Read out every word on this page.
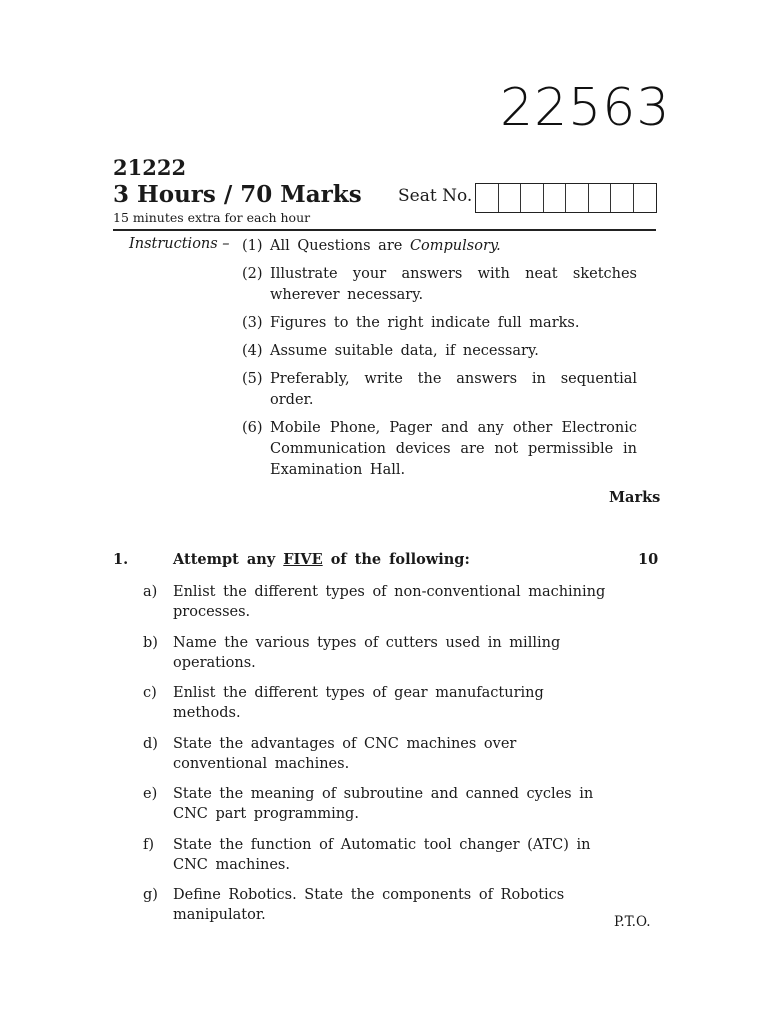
22563
21222
3 Hours / 70 Marks
15 minutes extra for each hour
Seat No.
Instructions – (1) All Questions are Compulsory.
(2) Illustrate your answers with neat sketches wherever necessary.
(3) Figures to the right indicate full marks.
(4) Assume suitable data, if necessary.
(5) Preferably, write the answers in sequential order.
(6) Mobile Phone, Pager and any other Electronic Communication devices are not permissible in Examination Hall.
Marks
1.	Attempt any FIVE of the following:	10
a)	Enlist the different types of non-conventional machining processes.
b)	Name the various types of cutters used in milling operations.
c)	Enlist the different types of gear manufacturing methods.
d)	State the advantages of CNC machines over conventional machines.
e)	State the meaning of subroutine and canned cycles in CNC part programming.
f)	State the function of Automatic tool changer (ATC) in CNC machines.
g)	Define Robotics. State the components of Robotics manipulator.	P.T.O.
